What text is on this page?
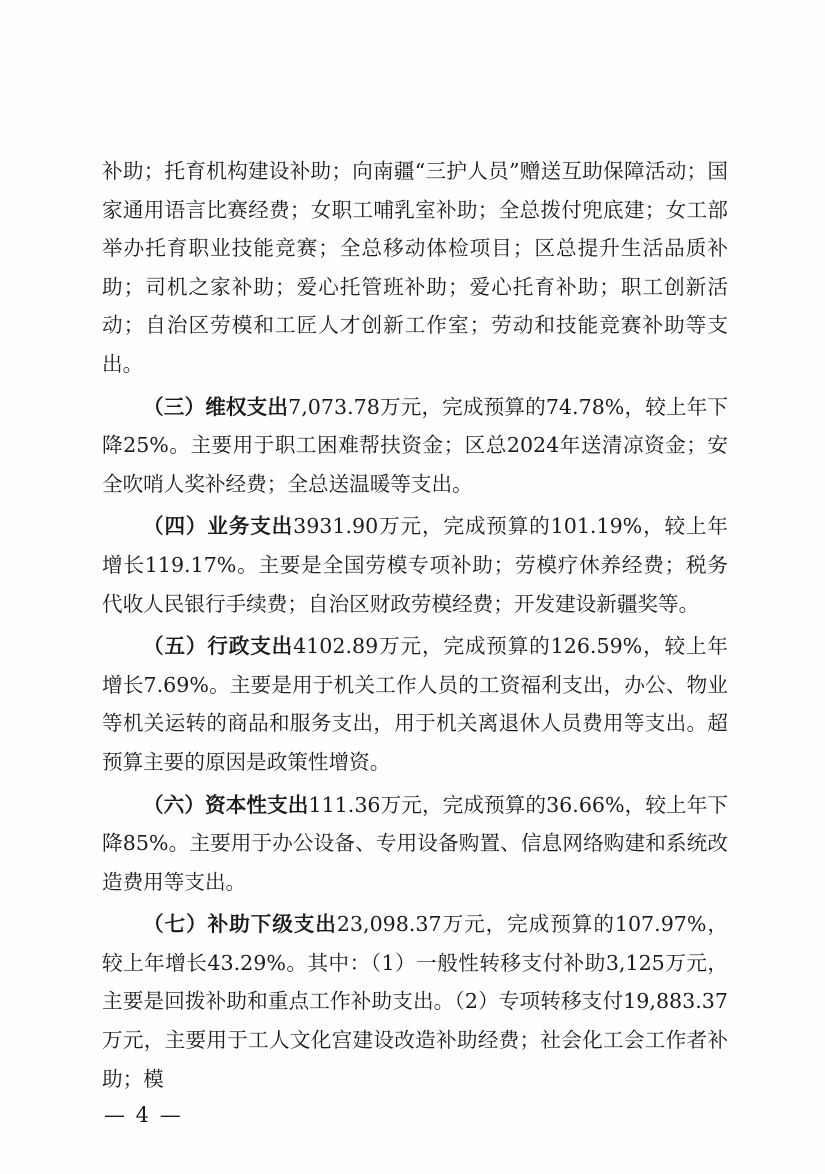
补助；托育机构建设补助；向南疆“三护人员”赠送互助保障活动；国家通用语言比赛经费；女职工哺乳室补助；全总拨付兜底建；女工部举办托育职业技能竞赛；全总移动体检项目；区总提升生活品质补助；司机之家补助；爱心托管班补助；爱心托育补助；职工创新活动；自治区劳模和工匠人才创新工作室；劳动和技能竞赛补助等支出。

（三）维权支出7,073.78万元，完成预算的74.78%，较上年下降25%。主要用于职工困难帮扶资金；区总2024年送清凉资金；安全吹哨人奖补经费；全总送温暖等支出。

（四）业务支出3931.90万元，完成预算的101.19%，较上年增长119.17%。主要是全国劳模专项补助；劳模疗休养经费；税务代收人民银行手续费；自治区财政劳模经费；开发建设新疆奖等。

（五）行政支出4102.89万元，完成预算的126.59%，较上年增长7.69%。主要是用于机关工作人员的工资福利支出，办公、物业等机关运转的商品和服务支出，用于机关离退休人员费用等支出。超预算主要的原因是政策性增资。

（六）资本性支出111.36万元，完成预算的36.66%，较上年下降85%。主要用于办公设备、专用设备购置、信息网络购建和系统改造费用等支出。

（七）补助下级支出23,098.37万元，完成预算的107.97%，较上年增长43.29%。其中：（1）一般性转移支付补助3,125万元，主要是回拨补助和重点工作补助支出。（2）专项转移支付19,883.37万元，主要用于工人文化宫建设改造补助经费；社会化工会工作者补助；模

— 4 —
